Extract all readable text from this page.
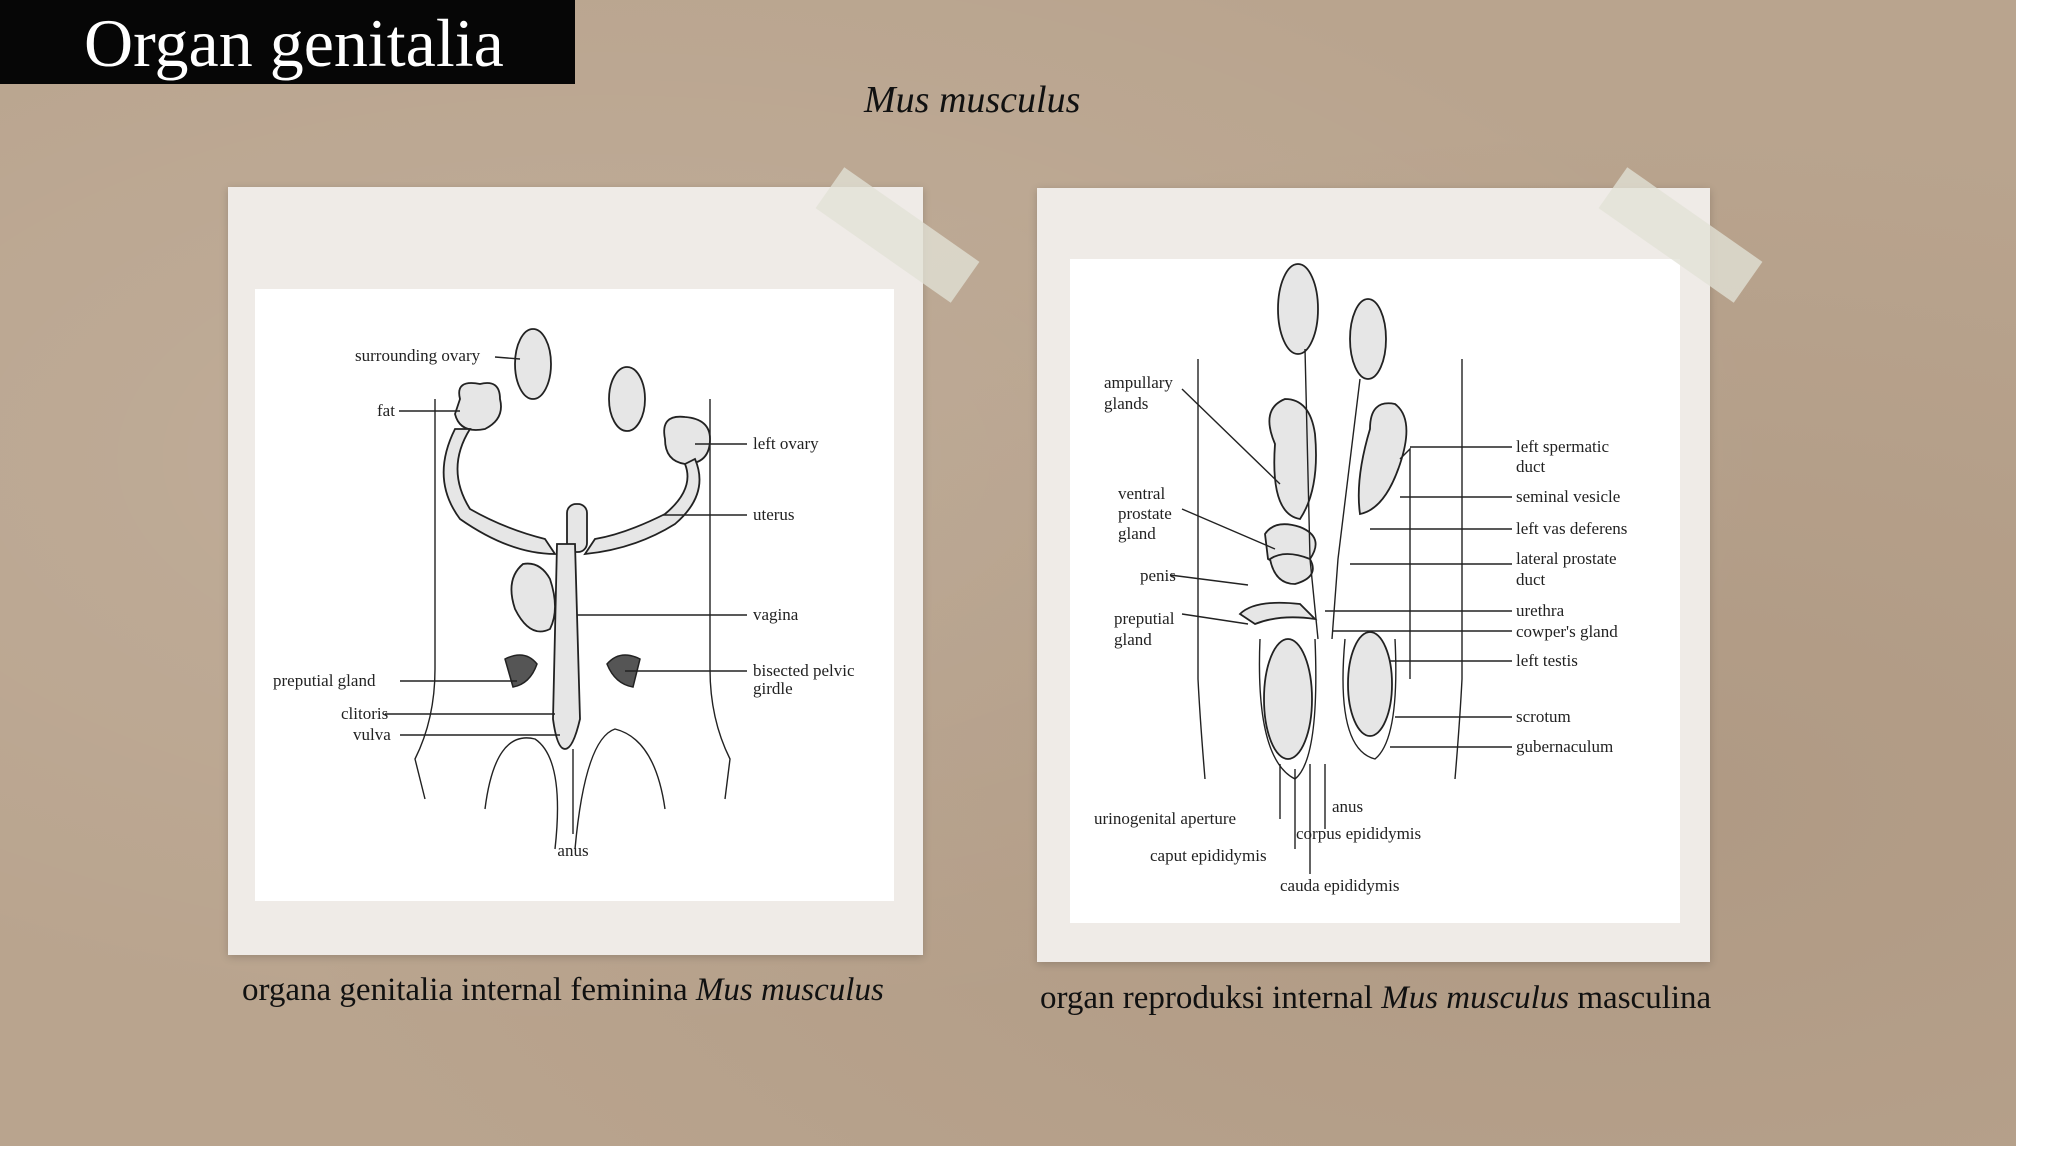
Organ genitalia
Mus musculus
surrounding ovary
fat
left ovary
uterus
vagina
preputial gland
bisected pelvic
girdle
clitoris
vulva
anus
ampullary
glands
ventral
prostate
gland
penis
preputial
gland
left spermatic
duct
seminal vesicle
left vas deferens
lateral prostate
duct
urethra
cowper's gland
left testis
scrotum
gubernaculum
anus
urinogenital aperture
corpus epididymis
caput epididymis
cauda epididymis
organa genitalia internal feminina Mus musculus	organ reproduksi internal Mus musculus masculina
